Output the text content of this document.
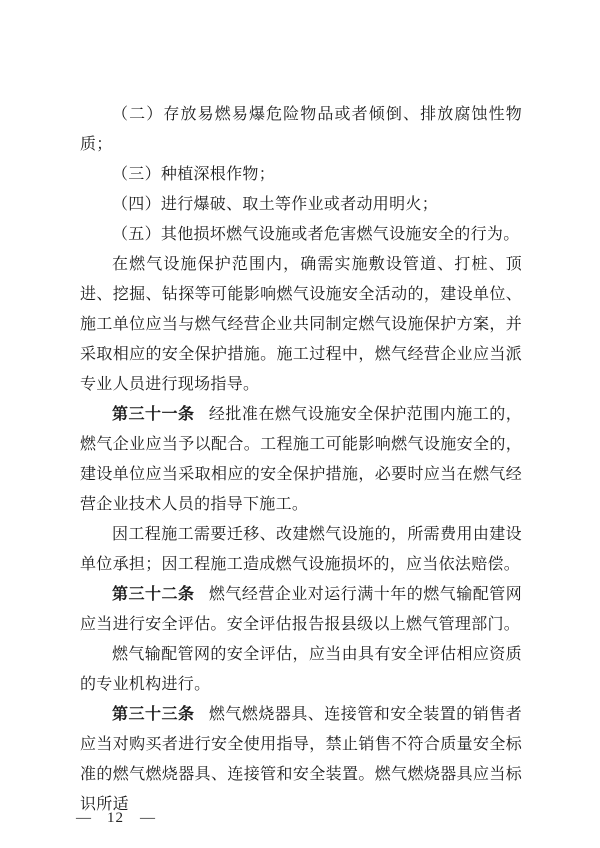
（二）存放易燃易爆危险物品或者倾倒、排放腐蚀性物质；

（三）种植深根作物；

（四）进行爆破、取土等作业或者动用明火；

（五）其他损坏燃气设施或者危害燃气设施安全的行为。

在燃气设施保护范围内，确需实施敷设管道、打桩、顶进、挖掘、钻探等可能影响燃气设施安全活动的，建设单位、施工单位应当与燃气经营企业共同制定燃气设施保护方案，并采取相应的安全保护措施。施工过程中，燃气经营企业应当派专业人员进行现场指导。

第三十一条 经批准在燃气设施安全保护范围内施工的，燃气企业应当予以配合。工程施工可能影响燃气设施安全的，建设单位应当采取相应的安全保护措施，必要时应当在燃气经营企业技术人员的指导下施工。

因工程施工需要迁移、改建燃气设施的，所需费用由建设单位承担；因工程施工造成燃气设施损坏的，应当依法赔偿。

第三十二条 燃气经营企业对运行满十年的燃气输配管网应当进行安全评估。安全评估报告报县级以上燃气管理部门。

燃气输配管网的安全评估，应当由具有安全评估相应资质的专业机构进行。

第三十三条 燃气燃烧器具、连接管和安全装置的销售者应当对购买者进行安全使用指导，禁止销售不符合质量安全标准的燃气燃烧器具、连接管和安全装置。燃气燃烧器具应当标识所适

— 12 —
